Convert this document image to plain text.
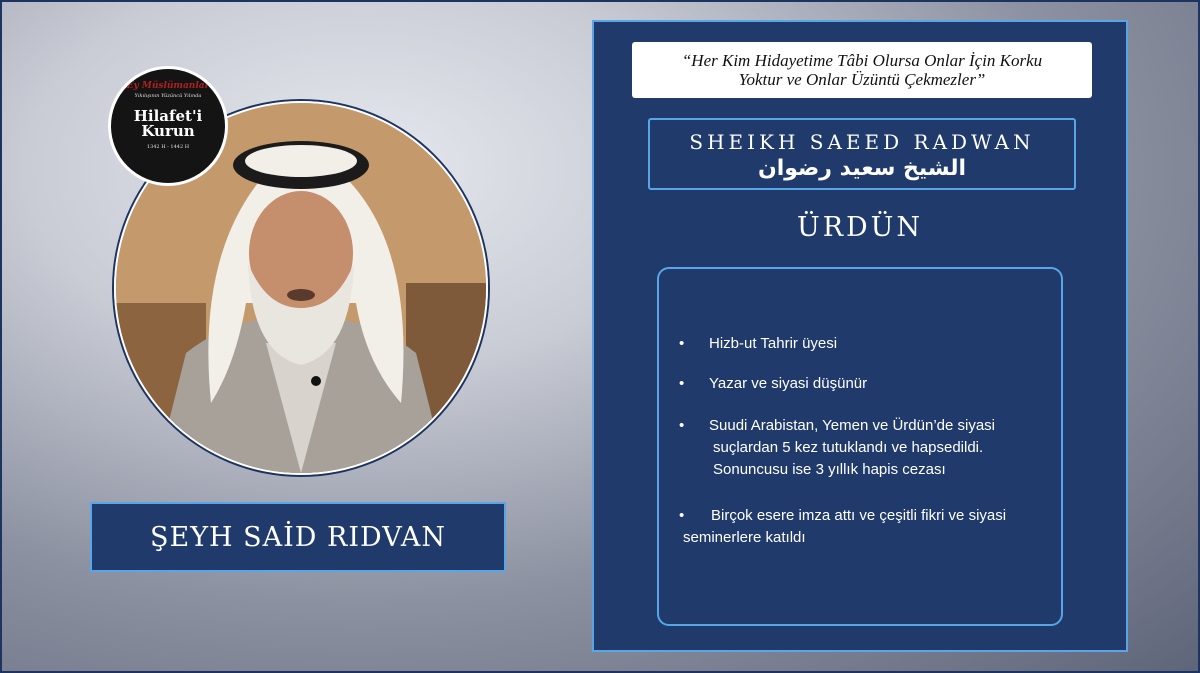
Ey Müslümanlar
Yıkılışının Yüzüncü Yılında
Hilafet'i
Kurun
1342 H - 1442 H
ŞEYH SAİD RIDVAN
“Her Kim Hidayetime Tâbi Olursa Onlar İçin Korku
Yoktur ve Onlar Üzüntü Çekmezler”
SHEIKH SAEED RADWAN
الشيخ سعيد رضوان
ÜRDÜN
•	Hizb-ut Tahrir üyesi
•	Yazar ve siyasi düşünür
•	Suudi Arabistan, Yemen ve Ürdün’de siyasi
suçlardan 5 kez tutuklandı ve hapsedildi.
Sonuncusu ise 3 yıllık hapis cezası
•	Birçok esere imza attı ve çeşitli fikri ve siyasi
seminerlere katıldı
